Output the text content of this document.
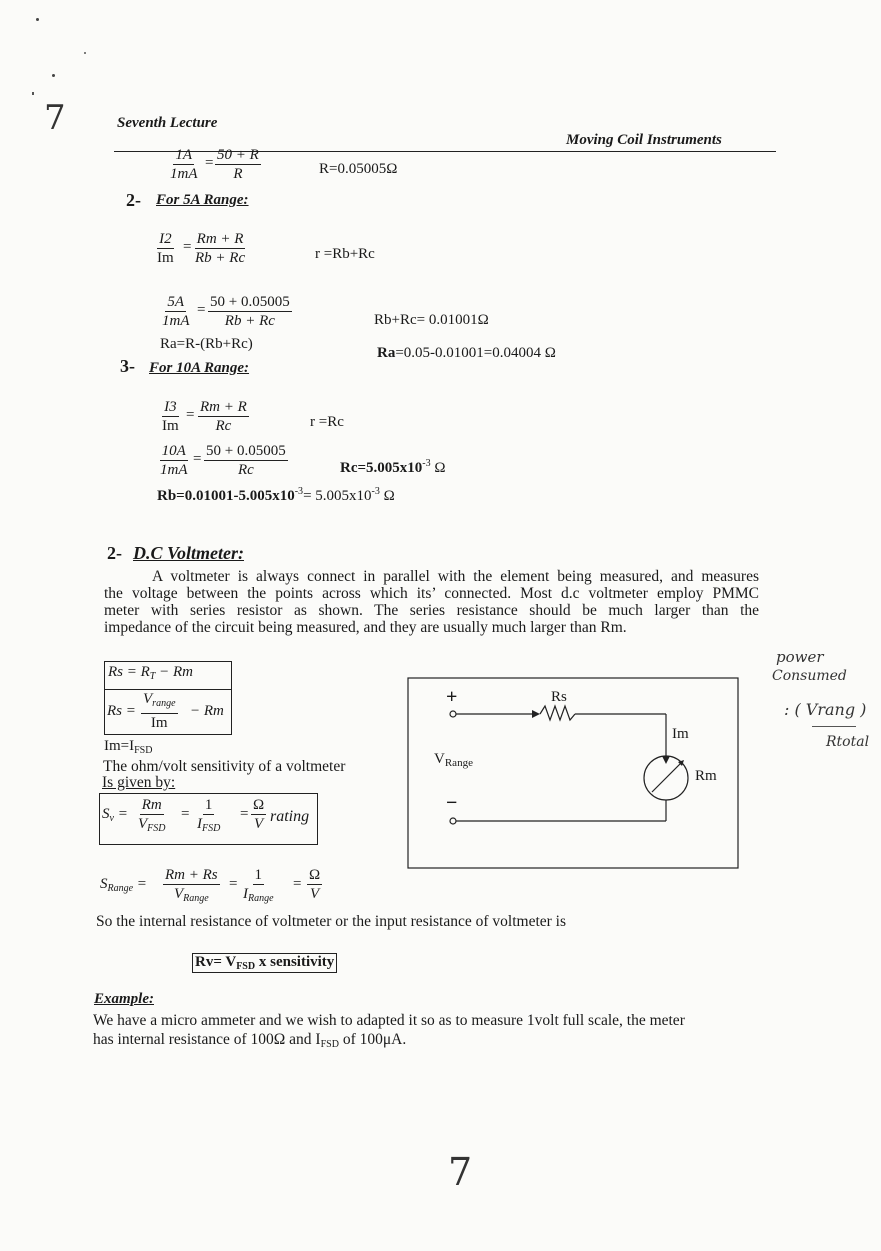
7
power
Consumed
: ( Vrang )
Rtotal
Seventh Lecture
Moving Coil Instruments
$\frac{1A}{1mA} = \frac{50 + R}{R}$	R=0.05005Ω
2- For 5A Range:
$\frac{I2}{Im} = \frac{Rm + R}{Rb + Rc}$	r =Rb+Rc
$\frac{5A}{1mA} = \frac{50 + 0.05005}{Rb + Rc}$	Rb+Rc= 0.01001Ω
Ra=R-(Rb+Rc)
Ra=0.05-0.01001=0.04004 Ω
3- For 10A Range:
$\frac{I3}{Im} = \frac{Rm + R}{Rc}$	r =Rc
$\frac{10A}{1mA} = \frac{50 + 0.05005}{Rc}$	$Rc=5.005x10^{-3}$ Ω
$Rb=0.01001-5.005x10^{-3}= 5.005x10^{-3}$ Ω
2- D.C Voltmeter:
A voltmeter is always connect in parallel with the element being measured, and measures
the voltage between the points across which its’ connected. Most d.c voltmeter employ PMMC
meter with series resistor as shown. The series resistance should be much larger than the
impedance of the circuit being measured, and they are usually much larger than Rm.
$Rs = R_T - Rm$
Rs =
$V_{range}$
Im
− Rm
$Im=I_{FSD}$
The ohm/volt sensitivity of a voltmeter
Is given by:
$S_v$ =
Rm
$V_{FSD}$
=
1
$I_{FSD}$
= $\frac{\Omega}{V}$ rating
$S_{Range}$ =
Rm + Rs
$V_{Range}$
=
1
$I_{Range}$
= $\frac{\Omega}{V}$
So the internal resistance of voltmeter or the input resistance of voltmeter is
$Rv= V_{FSD}$ x sensitivity
+
−
Rs
Im
Rm
$V_{Range}$
Example:
We have a micro ammeter and we wish to adapted it so as to measure 1volt full scale, the meter
has internal resistance of 100Ω and $I_{FSD}$ of 100μA.
7
